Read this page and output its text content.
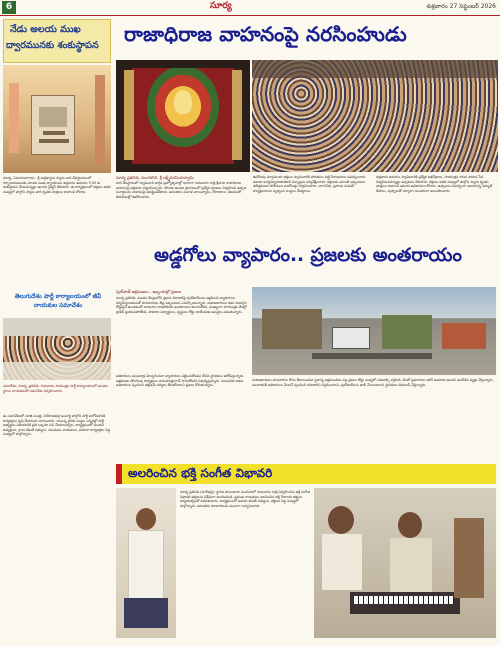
6	సూర్య	శుక్రవారం 27 సెప్టెంబర్ 2026
నేడు అలయ ముఖ
ద్వారమునకు శంకుస్థాపన

సూర్య, ఏటూరునాగారం : శ్రీ మల్లికార్జున స్వామి వారి దేవస్థానములో గర్భాలయమునకు నూతన ముఖ ద్వారమును శుక్రవారం ఉదయం 9.00 కు శంకుస్థాపన చేయనున్నట్లు ఆలయ చైర్మన్ తెలిపారు. ఈ కార్యక్రమంలో భక్తులు అధిక సంఖ్యలో పాల్గొని స్వామి వారి కృపకు పాత్రులు కావాలని కోరారు.

తెలుగుదేశం పార్టీ కార్యాలయంలో జీవీ నాయకుల సమావేశం

సమావేశం, సూర్య, ప్రతినిధి: గురువారం సాయంత్రం పార్టీ కార్యాలయంలో మండల స్థాయి నాయకులతో సమావేశం నిర్వహించారు.

ఈ సమావేశంలో మాజీ మంత్రి, నియోజకవర్గ ఇంచార్జి పాల్గొని పార్టీ బలోపేతానికి కార్యకర్తలు కృషి చేయాలని సూచించారు. రానున్న స్థానిక సంస్థల ఎన్నికల్లో పార్టీ అభ్యర్థుల విజయానికి ప్రతి ఒక్కరూ పని చేయాలన్నారు. కార్యక్రమంలో మండల అధ్యక్షులు, గ్రామ కమిటీ సభ్యులు, యువజన నాయకులు, మహిళా కార్యకర్తలు పెద్ద సంఖ్యలో పాల్గొన్నారు.

రాజాధిరాజ వాహనంపై నరసింహుడు
నూర్య ప్రతినిధి, మంగళగిరి: శ్రీ లక్ష్మీనరసింహస్వామి

వారి దేవస్థానంలో స్వామివారి వార్షిక బ్రహ్మోత్సవాల్లో భాగంగా గురువారం రాత్రి శ్రీవారు రాజాధిరాజ వాహనంపై భక్తులకు దర్శనమిచ్చారు. తొలుత ఆలయ ప్రాంగణంలో ప్రత్యేక పూజలు నిర్వహించి ఉత్సవ మూర్తులను వాహనంపై అధిష్టింపజేశారు. అనంతరం మంగళ వాయిద్యాలు, కోలాటాలు, భజనలతో తిరువీధుల్లో ఊరేగించారు.

ఊరేగింపు మార్గమంతా భక్తులు స్వామివారికి హారతులు పట్టి నీరాజనాలు సమర్పించారు. ఆలయ కార్యనిర్వహణాధికారి ఏర్పాట్లను పర్యవేక్షించారు. భక్తులకు ఎలాంటి ఇబ్బందులు తలెత్తకుండా పోలీసులు బందోబస్తు నిర్వహించారు. తాగునీరు, ప్రసాదం పంపిణీ కార్యక్రమాలను స్వచ్ఛంద సంస్థలు చేపట్టాయి.

శుక్రవారం ఉదయం స్వామివారికి ప్రత్యేక అభిషేకాలు, సాయంత్రం గరుడ వాహన సేవ నిర్వహించనున్నట్లు అర్చకులు తెలిపారు. భక్తులు అధిక సంఖ్యలో పాల్గొని స్వామి కృపకు పాత్రులు కావాలని ఆలయ అధికారులు కోరారు. ఉత్సవాల సందర్భంగా ఆలయాన్ని విద్యుత్ దీపాలు, పుష్పాలతో సర్వాంగ సుందరంగా అలంకరించారు.

అడ్డగోలు వ్యాపారం.. ప్రజలకు అంతరాయం
ఫుట్‌పాత్ ఆక్రమణలు.. ఇబ్బందుల్లో ప్రజలు

సూర్య ప్రతినిధి: మండల కేంద్రంలోని ప్రధాన రహదారిపై ఫుట్‌పాత్‌లను ఆక్రమించి వ్యాపారాలు నిర్వహిస్తుండటంతో పాదచారులు తీవ్ర ఇబ్బందులు ఎదుర్కొంటున్నారు. దుకాణదారులు తమ సామగ్రిని రోడ్డుపైనే ఉంచడంతో వాహనాల రాకపోకలకు అంతరాయం కలుగుతోంది. ముఖ్యంగా సాయంత్రం వేళల్లో ట్రాఫిక్ స్తంభించిపోతోంది. పాఠశాల విద్యార్థులు, వృద్ధులు రోడ్డు దాటేందుకు అవస్థలు పడుతున్నారు.

అధికారులు పలుమార్లు హెచ్చరించినా వ్యాపారులు పట్టించుకోవడం లేదని స్థానికులు ఆరోపిస్తున్నారు. ఆక్రమణల తొలగింపు కార్యక్రమం నామమాత్రంగానే సాగుతోందని విమర్శిస్తున్నారు. సంబంధిత శాఖల అధికారులు స్పందించి తక్షణమే చర్యలు తీసుకోవాలని ప్రజలు కోరుతున్నారు.

దుకాణదారులు పాదచారుల కోసం కేటాయించిన స్థలాన్ని ఆక్రమించడం వల్ల ప్రజలు రోడ్డు మధ్యలో నడవాల్సి వస్తోంది. దీంతో ప్రమాదాలు జరిగే అవకాశం ఉందని ఆందోళన వ్యక్తం చేస్తున్నారు. పంచాయతీ అధికారులు వెంటనే స్పందించి రహదారిని విస్తరించాలని, ఫుట్‌పాత్‌లను ఖాళీ చేయించాలని స్థానికులు డిమాండ్ చేస్తున్నారు.

అలరించిన భక్తి సంగీత విభావరి

సూర్య ప్రతినిధి (తాడేపల్లి): స్థానిక సాయిబాబా మందిరంలో గురువారం రాత్రి నిర్వహించిన భక్తి సంగీత విభావరి భక్తులను విశేషంగా అలరించింది. ప్రముఖ గాయకులు ఆలపించిన భక్తి గీతాలకు భక్తులు తన్మయత్వంతో పరవశించారు. కార్యక్రమంలో ఆలయ కమిటీ సభ్యులు, భక్తులు పెద్ద సంఖ్యలో పాల్గొన్నారు. అనంతరం కళాకారులను ఘనంగా సన్మానించారు.
